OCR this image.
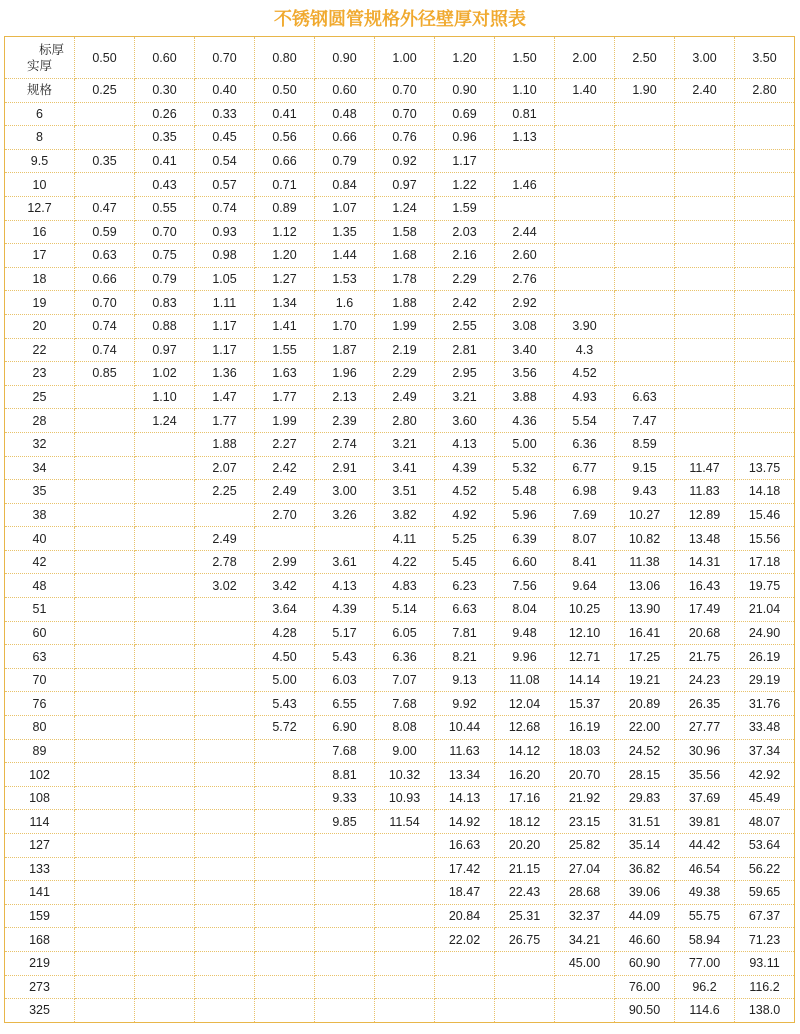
不锈钢圆管规格外径壁厚对照表
标厚
实厚	0.50	0.60	0.70	0.80	0.90	1.00	1.20	1.50	2.00	2.50	3.00	3.50
规格	0.25	0.30	0.40	0.50	0.60	0.70	0.90	1.10	1.40	1.90	2.40	2.80
6		0.26	0.33	0.41	0.48	0.70	0.69	0.81				
8		0.35	0.45	0.56	0.66	0.76	0.96	1.13				
9.5	0.35	0.41	0.54	0.66	0.79	0.92	1.17					
10		0.43	0.57	0.71	0.84	0.97	1.22	1.46				
12.7	0.47	0.55	0.74	0.89	1.07	1.24	1.59					
16	0.59	0.70	0.93	1.12	1.35	1.58	2.03	2.44				
17	0.63	0.75	0.98	1.20	1.44	1.68	2.16	2.60				
18	0.66	0.79	1.05	1.27	1.53	1.78	2.29	2.76				
19	0.70	0.83	1.11	1.34	1.6	1.88	2.42	2.92				
20	0.74	0.88	1.17	1.41	1.70	1.99	2.55	3.08	3.90			
22	0.74	0.97	1.17	1.55	1.87	2.19	2.81	3.40	4.3			
23	0.85	1.02	1.36	1.63	1.96	2.29	2.95	3.56	4.52			
25		1.10	1.47	1.77	2.13	2.49	3.21	3.88	4.93	6.63		
28		1.24	1.77	1.99	2.39	2.80	3.60	4.36	5.54	7.47		
32			1.88	2.27	2.74	3.21	4.13	5.00	6.36	8.59		
34			2.07	2.42	2.91	3.41	4.39	5.32	6.77	9.15	11.47	13.75
35			2.25	2.49	3.00	3.51	4.52	5.48	6.98	9.43	11.83	14.18
38				2.70	3.26	3.82	4.92	5.96	7.69	10.27	12.89	15.46
40			2.49			4.11	5.25	6.39	8.07	10.82	13.48	15.56
42			2.78	2.99	3.61	4.22	5.45	6.60	8.41	11.38	14.31	17.18
48			3.02	3.42	4.13	4.83	6.23	7.56	9.64	13.06	16.43	19.75
51				3.64	4.39	5.14	6.63	8.04	10.25	13.90	17.49	21.04
60				4.28	5.17	6.05	7.81	9.48	12.10	16.41	20.68	24.90
63				4.50	5.43	6.36	8.21	9.96	12.71	17.25	21.75	26.19
70				5.00	6.03	7.07	9.13	11.08	14.14	19.21	24.23	29.19
76				5.43	6.55	7.68	9.92	12.04	15.37	20.89	26.35	31.76
80				5.72	6.90	8.08	10.44	12.68	16.19	22.00	27.77	33.48
89					7.68	9.00	11.63	14.12	18.03	24.52	30.96	37.34
102					8.81	10.32	13.34	16.20	20.70	28.15	35.56	42.92
108					9.33	10.93	14.13	17.16	21.92	29.83	37.69	45.49
114					9.85	11.54	14.92	18.12	23.15	31.51	39.81	48.07
127							16.63	20.20	25.82	35.14	44.42	53.64
133							17.42	21.15	27.04	36.82	46.54	56.22
141							18.47	22.43	28.68	39.06	49.38	59.65
159							20.84	25.31	32.37	44.09	55.75	67.37
168							22.02	26.75	34.21	46.60	58.94	71.23
219									45.00	60.90	77.00	93.11
273										76.00	96.2	116.2
325										90.50	114.6	138.0
